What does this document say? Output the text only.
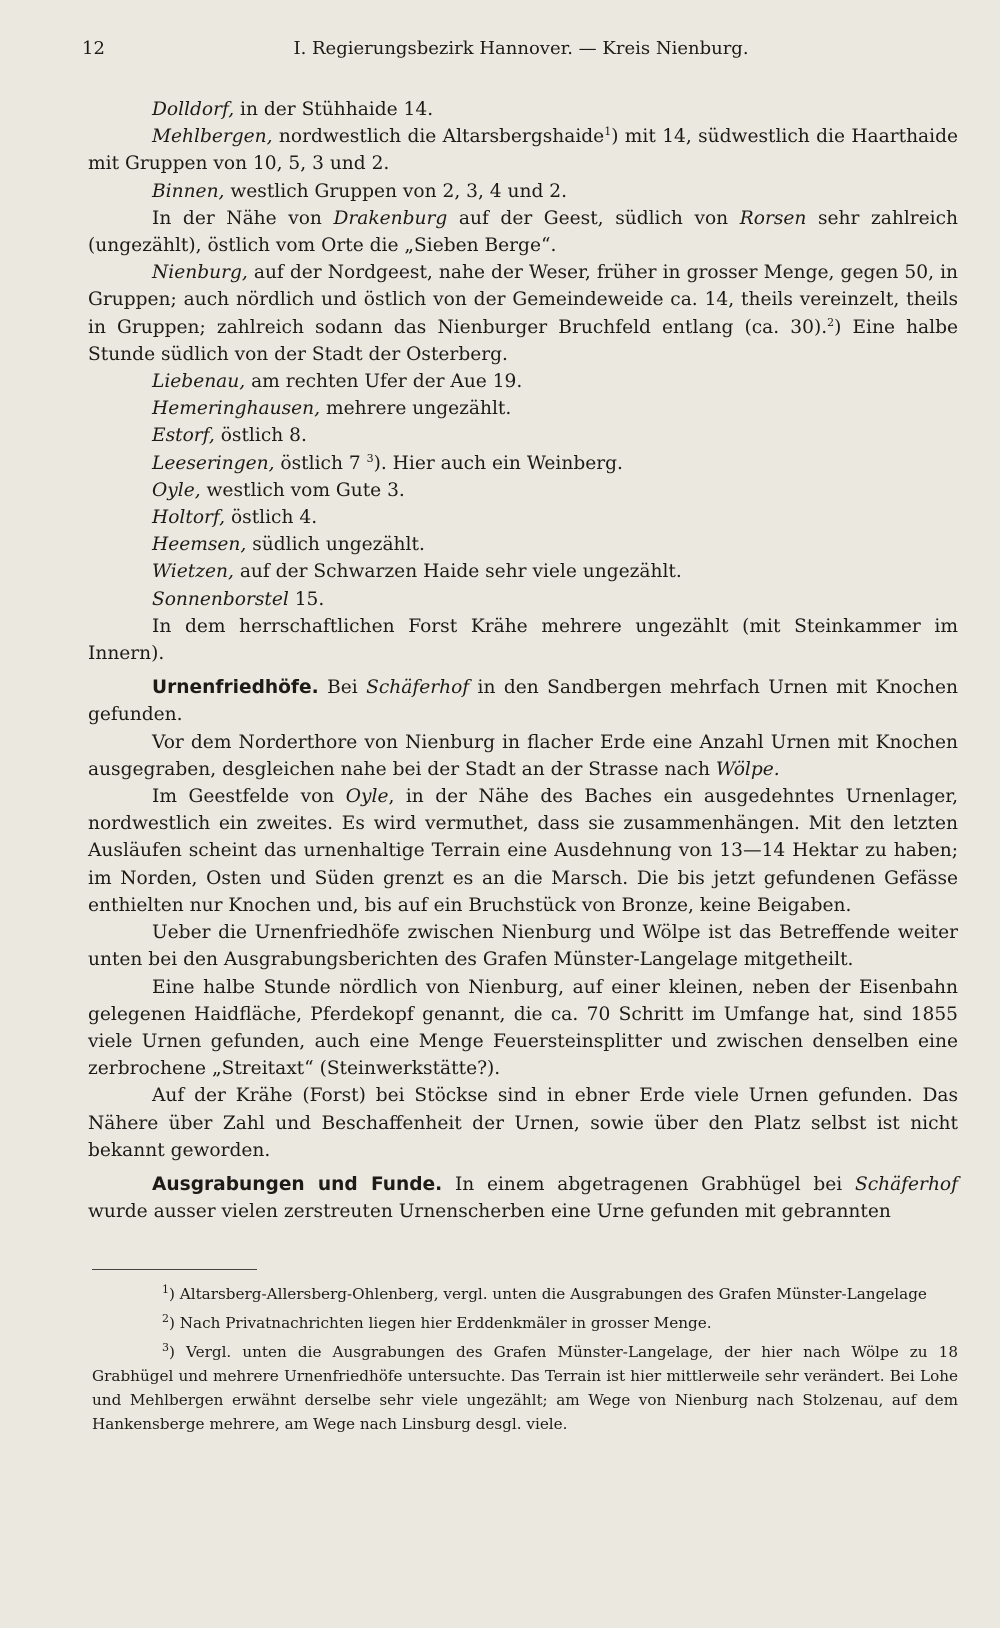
12	I. Regierungsbezirk Hannover. — Kreis Nienburg.

Dolldorf, in der Stühhaide 14.

Mehlbergen, nordwestlich die Altarsbergshaide$^1$) mit 14, südwestlich die Haarthaide mit Gruppen von 10, 5, 3 und 2.

Binnen, westlich Gruppen von 2, 3, 4 und 2.

In der Nähe von Drakenburg auf der Geest, südlich von Rorsen sehr zahlreich (ungezählt), östlich vom Orte die „Sieben Berge“.

Nienburg, auf der Nordgeest, nahe der Weser, früher in grosser Menge, gegen 50, in Gruppen; auch nördlich und östlich von der Gemeindeweide ca. 14, theils vereinzelt, theils in Gruppen; zahlreich sodann das Nienburger Bruchfeld entlang (ca. 30).$^2$) Eine halbe Stunde südlich von der Stadt der Osterberg.

Liebenau, am rechten Ufer der Aue 19.

Hemeringhausen, mehrere ungezählt.

Estorf, östlich 8.

Leeseringen, östlich 7 $^3$). Hier auch ein Weinberg.

Oyle, westlich vom Gute 3.

Holtorf, östlich 4.

Heemsen, südlich ungezählt.

Wietzen, auf der Schwarzen Haide sehr viele ungezählt.

Sonnenborstel 15.

In dem herrschaftlichen Forst Krähe mehrere ungezählt (mit Steinkammer im Innern).

Urnenfriedhöfe. Bei Schäferhof in den Sandbergen mehrfach Urnen mit Knochen gefunden.

Vor dem Norderthore von Nienburg in flacher Erde eine Anzahl Urnen mit Knochen ausgegraben, desgleichen nahe bei der Stadt an der Strasse nach Wölpe.

Im Geestfelde von Oyle, in der Nähe des Baches ein ausgedehntes Urnenlager, nordwestlich ein zweites. Es wird vermuthet, dass sie zusammenhängen. Mit den letzten Ausläufen scheint das urnenhaltige Terrain eine Ausdehnung von 13—14 Hektar zu haben; im Norden, Osten und Süden grenzt es an die Marsch. Die bis jetzt gefundenen Gefässe enthielten nur Knochen und, bis auf ein Bruchstück von Bronze, keine Beigaben.

Ueber die Urnenfriedhöfe zwischen Nienburg und Wölpe ist das Betreffende weiter unten bei den Ausgrabungsberichten des Grafen Münster-Langelage mitgetheilt.

Eine halbe Stunde nördlich von Nienburg, auf einer kleinen, neben der Eisenbahn gelegenen Haidfläche, Pferdekopf genannt, die ca. 70 Schritt im Umfange hat, sind 1855 viele Urnen gefunden, auch eine Menge Feuersteinsplitter und zwischen denselben eine zerbrochene „Streitaxt“ (Steinwerkstätte?).

Auf der Krähe (Forst) bei Stöckse sind in ebner Erde viele Urnen gefunden. Das Nähere über Zahl und Beschaffenheit der Urnen, sowie über den Platz selbst ist nicht bekannt geworden.

Ausgrabungen und Funde. In einem abgetragenen Grabhügel bei Schäferhof wurde ausser vielen zerstreuten Urnenscherben eine Urne gefunden mit gebrannten

$^1$) Altarsberg-Allersberg-Ohlenberg, vergl. unten die Ausgrabungen des Grafen Münster-Langelage

$^2$) Nach Privatnachrichten liegen hier Erddenkmäler in grosser Menge.

$^3$) Vergl. unten die Ausgrabungen des Grafen Münster-Langelage, der hier nach Wölpe zu 18 Grabhügel und mehrere Urnenfriedhöfe untersuchte. Das Terrain ist hier mittlerweile sehr verändert. Bei Lohe und Mehlbergen erwähnt derselbe sehr viele ungezählt; am Wege von Nienburg nach Stolzenau, auf dem Hankensberge mehrere, am Wege nach Linsburg desgl. viele.
